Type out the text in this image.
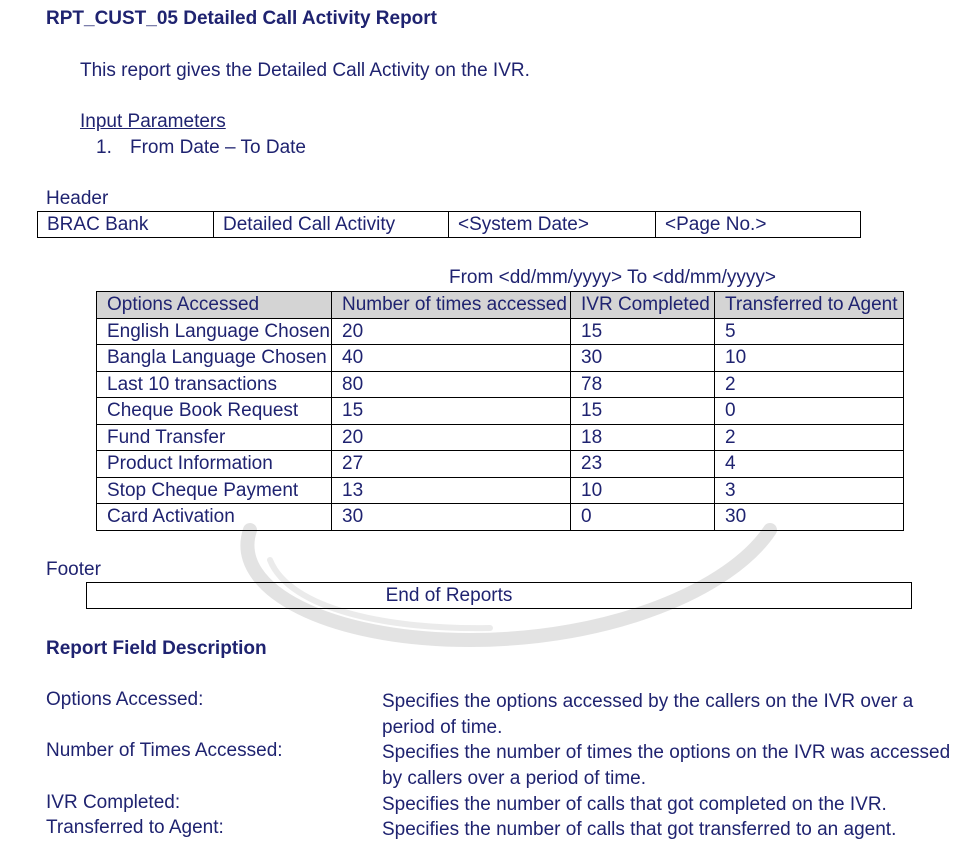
RPT_CUST_05 Detailed Call Activity Report
This report gives the Detailed Call Activity on the IVR.
Input Parameters
1. From Date – To Date
Header
BRAC Bank	Detailed Call Activity	<System Date>	<Page No.>
From <dd/mm/yyyy> To <dd/mm/yyyy>
Options Accessed	Number of times accessed	IVR Completed	Transferred to Agent
English Language Chosen	20	15	5
Bangla Language Chosen	40	30	10
Last 10 transactions	80	78	2
Cheque Book Request	15	15	0
Fund Transfer	20	18	2
Product Information	27	23	4
Stop Cheque Payment	13	10	3
Card Activation	30	0	30
Footer
End of Reports
Report Field Description
Options Accessed:	Specifies the options accessed by the callers on the IVR over a period of time.
Number of Times Accessed:	Specifies the number of times the options on the IVR was accessed by callers over a period of time.
IVR Completed:	Specifies the number of calls that got completed on the IVR.
Transferred to Agent:	Specifies the number of calls that got transferred to an agent.
